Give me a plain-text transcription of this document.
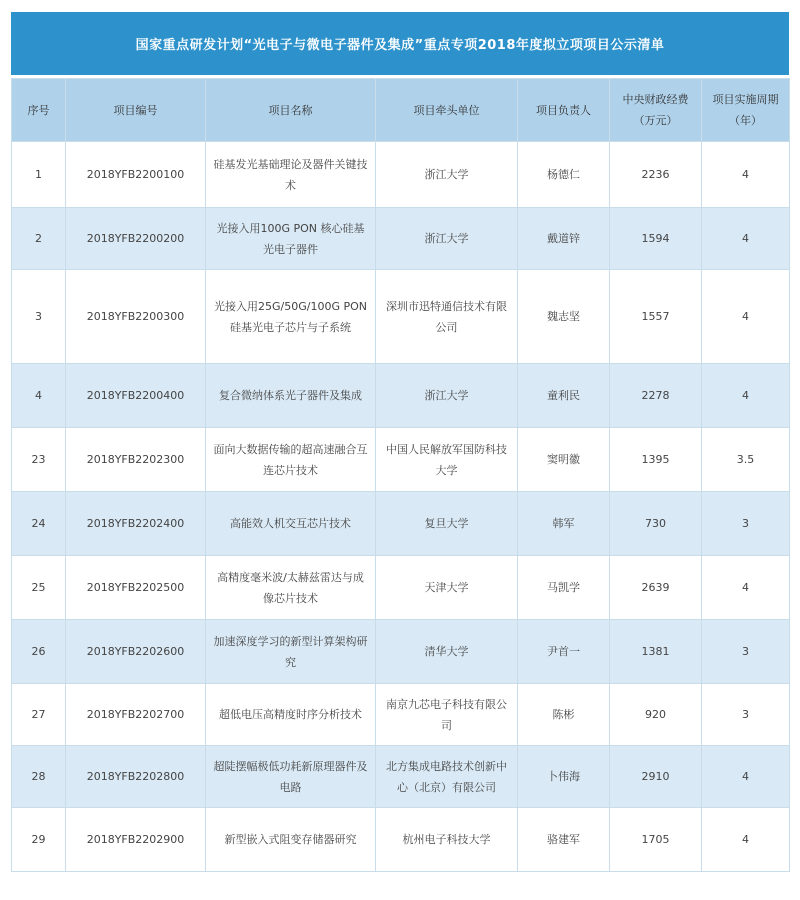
国家重点研发计划“光电子与微电子器件及集成”重点专项2018年度拟立项项目公示清单
序号	项目编号	项目名称	项目牵头单位	项目负责人	中央财政经费（万元）	项目实施周期（年）
1	2018YFB2200100	硅基发光基础理论及器件关键技术	浙江大学	杨德仁	2236	4
2	2018YFB2200200	光接入用100G PON 核心硅基光电子器件	浙江大学	戴道锌	1594	4
3	2018YFB2200300	光接入用25G/50G/100G PON 硅基光电子芯片与子系统	深圳市迅特通信技术有限公司	魏志坚	1557	4
4	2018YFB2200400	复合微纳体系光子器件及集成	浙江大学	童利民	2278	4
23	2018YFB2202300	面向大数据传输的超高速融合互连芯片技术	中国人民解放军国防科技大学	窦明徽	1395	3.5
24	2018YFB2202400	高能效人机交互芯片技术	复旦大学	韩军	730	3
25	2018YFB2202500	高精度毫米波/太赫兹雷达与成像芯片技术	天津大学	马凯学	2639	4
26	2018YFB2202600	加速深度学习的新型计算架构研究	清华大学	尹首一	1381	3
27	2018YFB2202700	超低电压高精度时序分析技术	南京九芯电子科技有限公司	陈彬	920	3
28	2018YFB2202800	超陡摆幅极低功耗新原理器件及电路	北方集成电路技术创新中心（北京）有限公司	卜伟海	2910	4
29	2018YFB2202900	新型嵌入式阻变存储器研究	杭州电子科技大学	骆建军	1705	4
